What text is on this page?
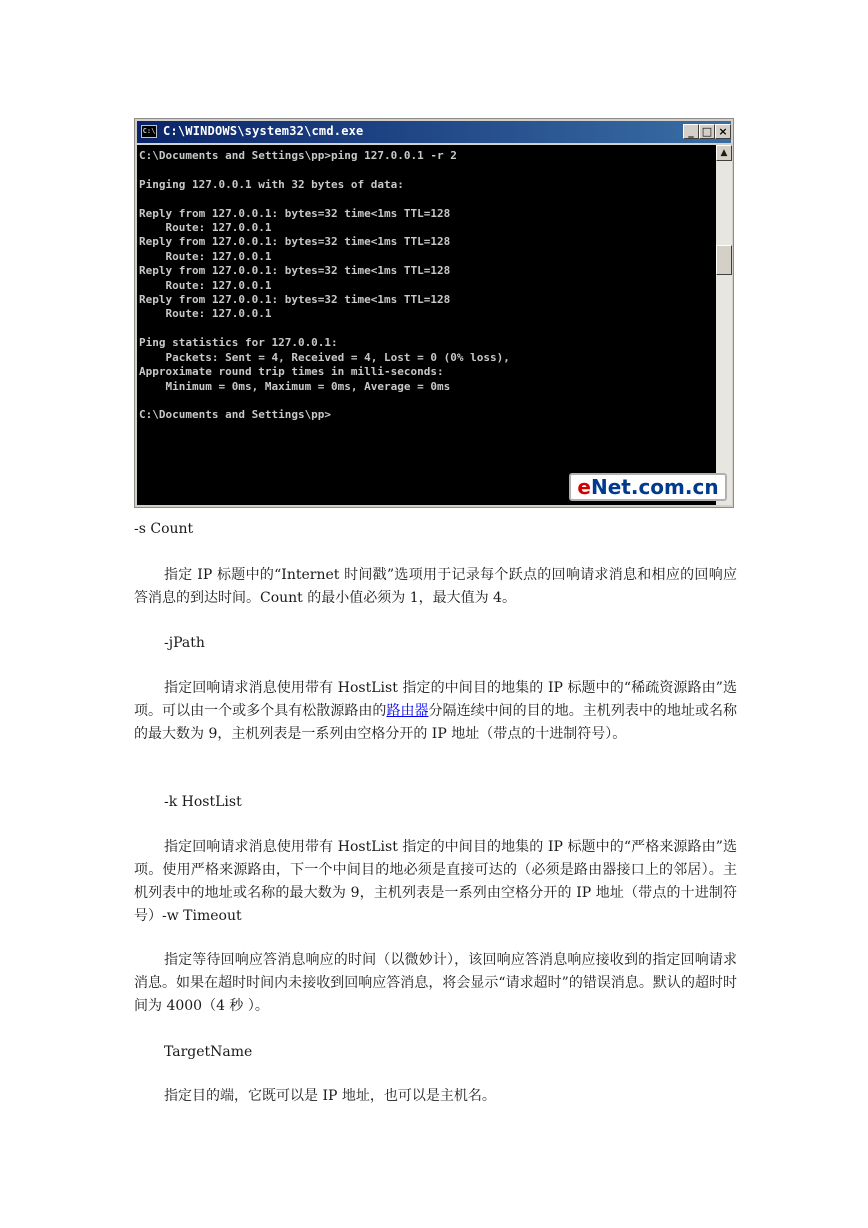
C:\ C:\WINDOWS\system32\cmd.exe	_ □ ×
C:\Documents and Settings\pp>ping 127.0.0.1 -r 2

Pinging 127.0.0.1 with 32 bytes of data:

Reply from 127.0.0.1: bytes=32 time<1ms TTL=128
Route: 127.0.0.1
Reply from 127.0.0.1: bytes=32 time<1ms TTL=128
Route: 127.0.0.1
Reply from 127.0.0.1: bytes=32 time<1ms TTL=128
Route: 127.0.0.1
Reply from 127.0.0.1: bytes=32 time<1ms TTL=128
Route: 127.0.0.1

Ping statistics for 127.0.0.1:
Packets: Sent = 4, Received = 4, Lost = 0 (0% loss),
Approximate round trip times in milli-seconds:
Minimum = 0ms, Maximum = 0ms, Average = 0ms

C:\Documents and Settings\pp>
▲
eNet.com.cn

-s Count

指定 IP 标题中的“Internet 时间戳”选项用于记录每个跃点的回响请求消息和相应的回响应答消息的到达时间。Count 的最小值必须为 1，最大值为 4。

-jPath

指定回响请求消息使用带有 HostList 指定的中间目的地集的 IP 标题中的“稀疏资源路由”选项。可以由一个或多个具有松散源路由的路由器分隔连续中间的目的地。主机列表中的地址或名称的最大数为 9，主机列表是一系列由空格分开的 IP 地址（带点的十进制符号）。

-k HostList

指定回响请求消息使用带有 HostList 指定的中间目的地集的 IP 标题中的“严格来源路由”选项。使用严格来源路由，下一个中间目的地必须是直接可达的（必须是路由器接口上的邻居）。主机列表中的地址或名称的最大数为 9，主机列表是一系列由空格分开的 IP 地址（带点的十进制符号）-w Timeout

指定等待回响应答消息响应的时间（以微妙计），该回响应答消息响应接收到的指定回响请求消息。如果在超时时间内未接收到回响应答消息，将会显示“请求超时”的错误消息。默认的超时时间为 4000（4 秒 ）。

TargetName

指定目的端，它既可以是 IP 地址，也可以是主机名。
